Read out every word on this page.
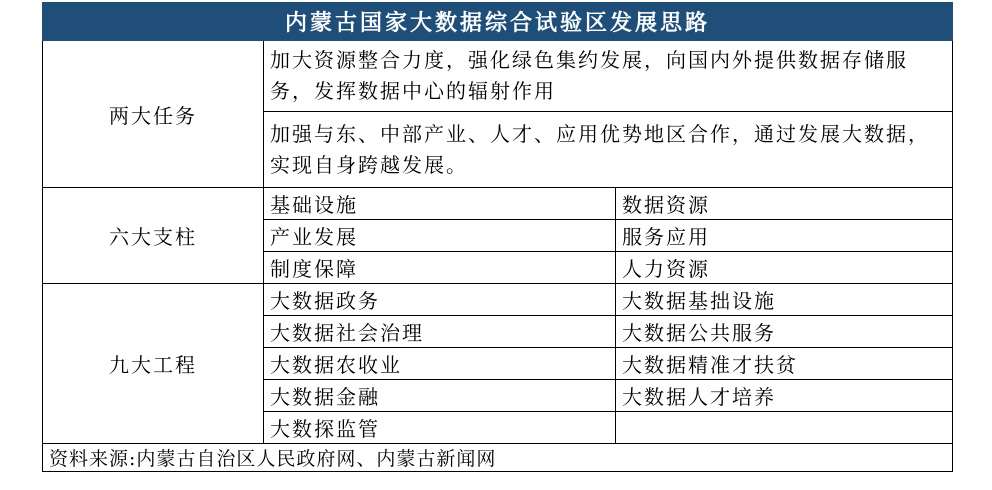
内蒙古国家大数据综合试验区发展思路		
两大任务	加大资源整合力度，强化绿色集约发展，向国内外提供数据存储服务，发挥数据中心的辐射作用	
	加强与东、中部产业、人才、应用优势地区合作，通过发展大数据，实现自身跨越发展。	
六大支柱	基础设施	数据资源
	产业发展	服务应用
	制度保障	人力资源
九大工程	大数据政务	大数据基拙设施
	大数据社会治理	大数据公共服务
	大数据农收业	大数据精准才扶贫
	大数据金融	大数据人才培养
	大数探监管	
资料来源:内蒙古自治区人民政府网、内蒙古新闻网		
